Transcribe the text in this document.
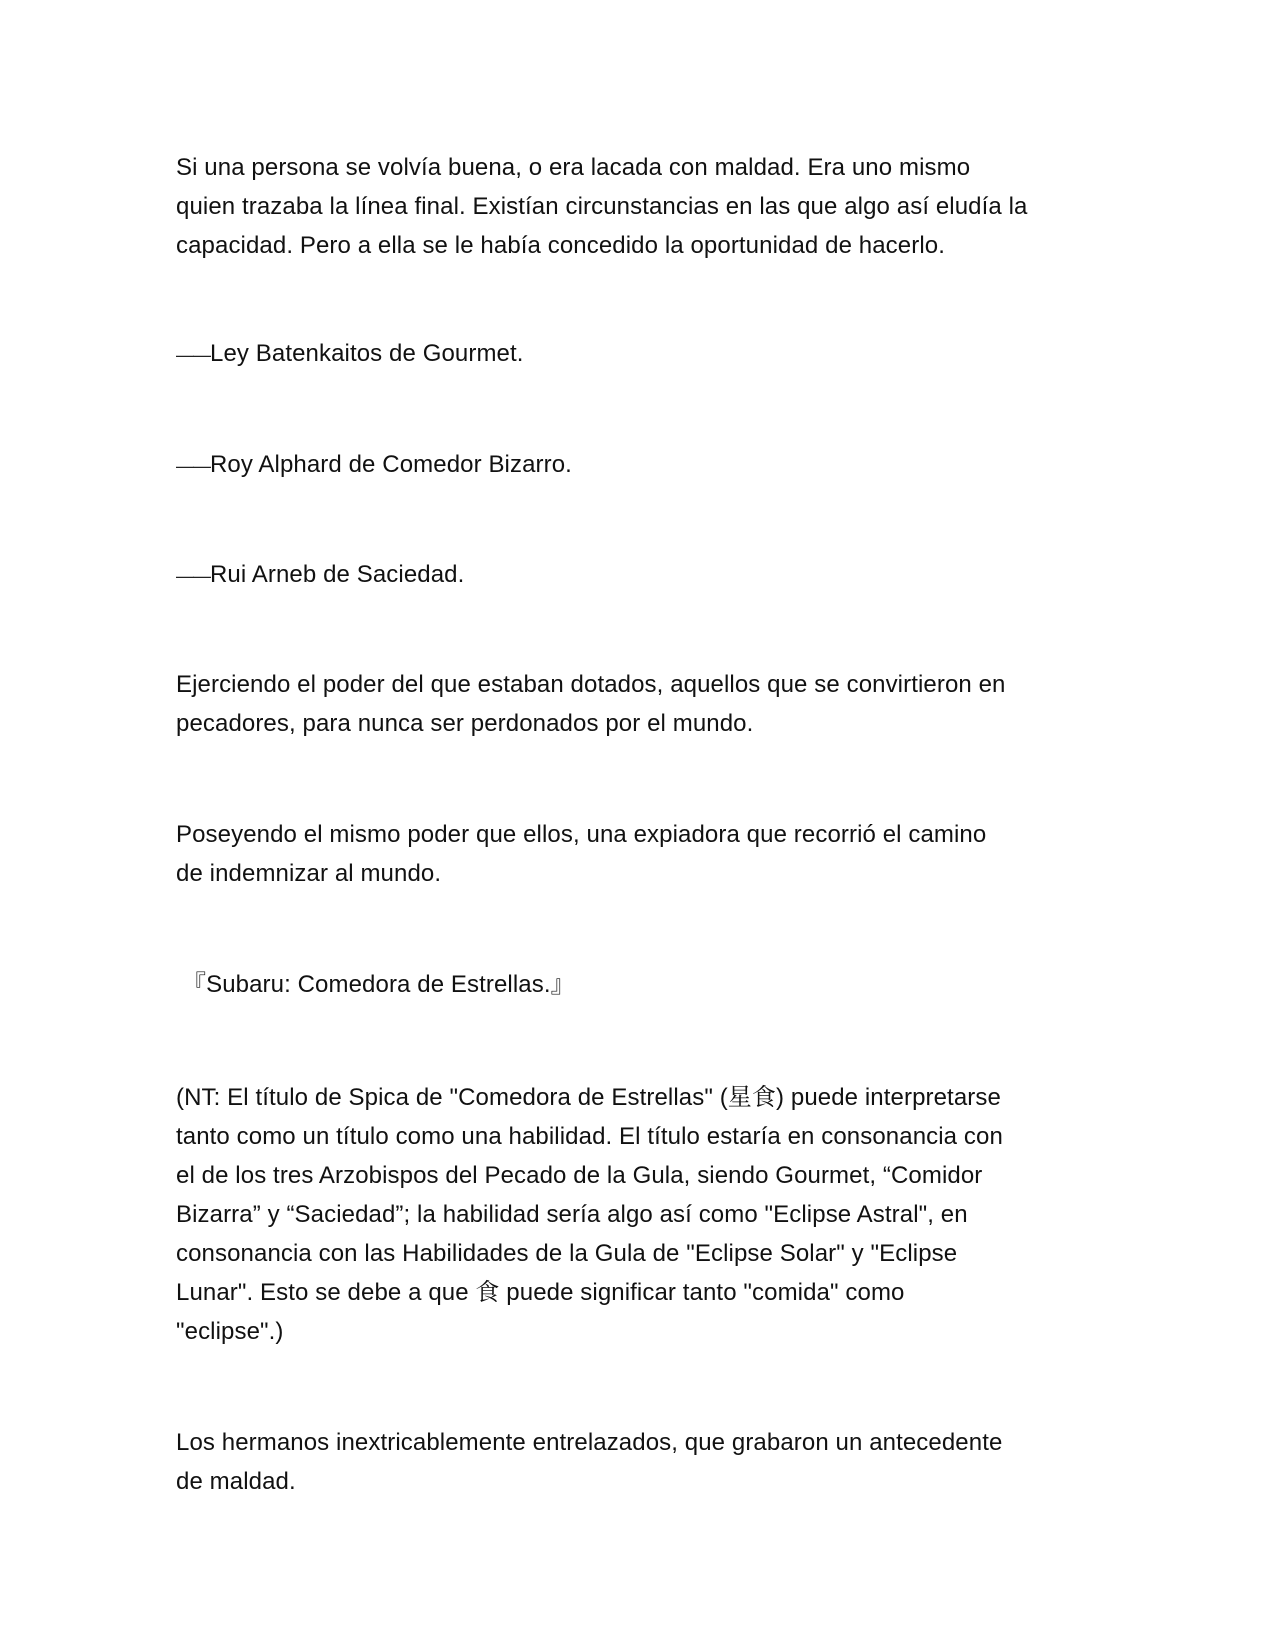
Si una persona se volvía buena, o era lacada con maldad. Era uno mismo
quien trazaba la línea final. Existían circunstancias en las que algo así eludía la
capacidad. Pero a ella se le había concedido la oportunidad de hacerlo.

——Ley Batenkaitos de Gourmet.

——Roy Alphard de Comedor Bizarro.

——Rui Arneb de Saciedad.

Ejerciendo el poder del que estaban dotados, aquellos que se convirtieron en
pecadores, para nunca ser perdonados por el mundo.

Poseyendo el mismo poder que ellos, una expiadora que recorrió el camino
de indemnizar al mundo.

『Subaru: Comedora de Estrellas.』

(NT: El título de Spica de "Comedora de Estrellas" (星食) puede interpretarse
tanto como un título como una habilidad. El título estaría en consonancia con
el de los tres Arzobispos del Pecado de la Gula, siendo Gourmet, “Comidor
Bizarra” y “Saciedad”; la habilidad sería algo así como "Eclipse Astral", en
consonancia con las Habilidades de la Gula de "Eclipse Solar" y "Eclipse
Lunar". Esto se debe a que 食 puede significar tanto "comida" como
"eclipse".)

Los hermanos inextricablemente entrelazados, que grabaron un antecedente
de maldad.
